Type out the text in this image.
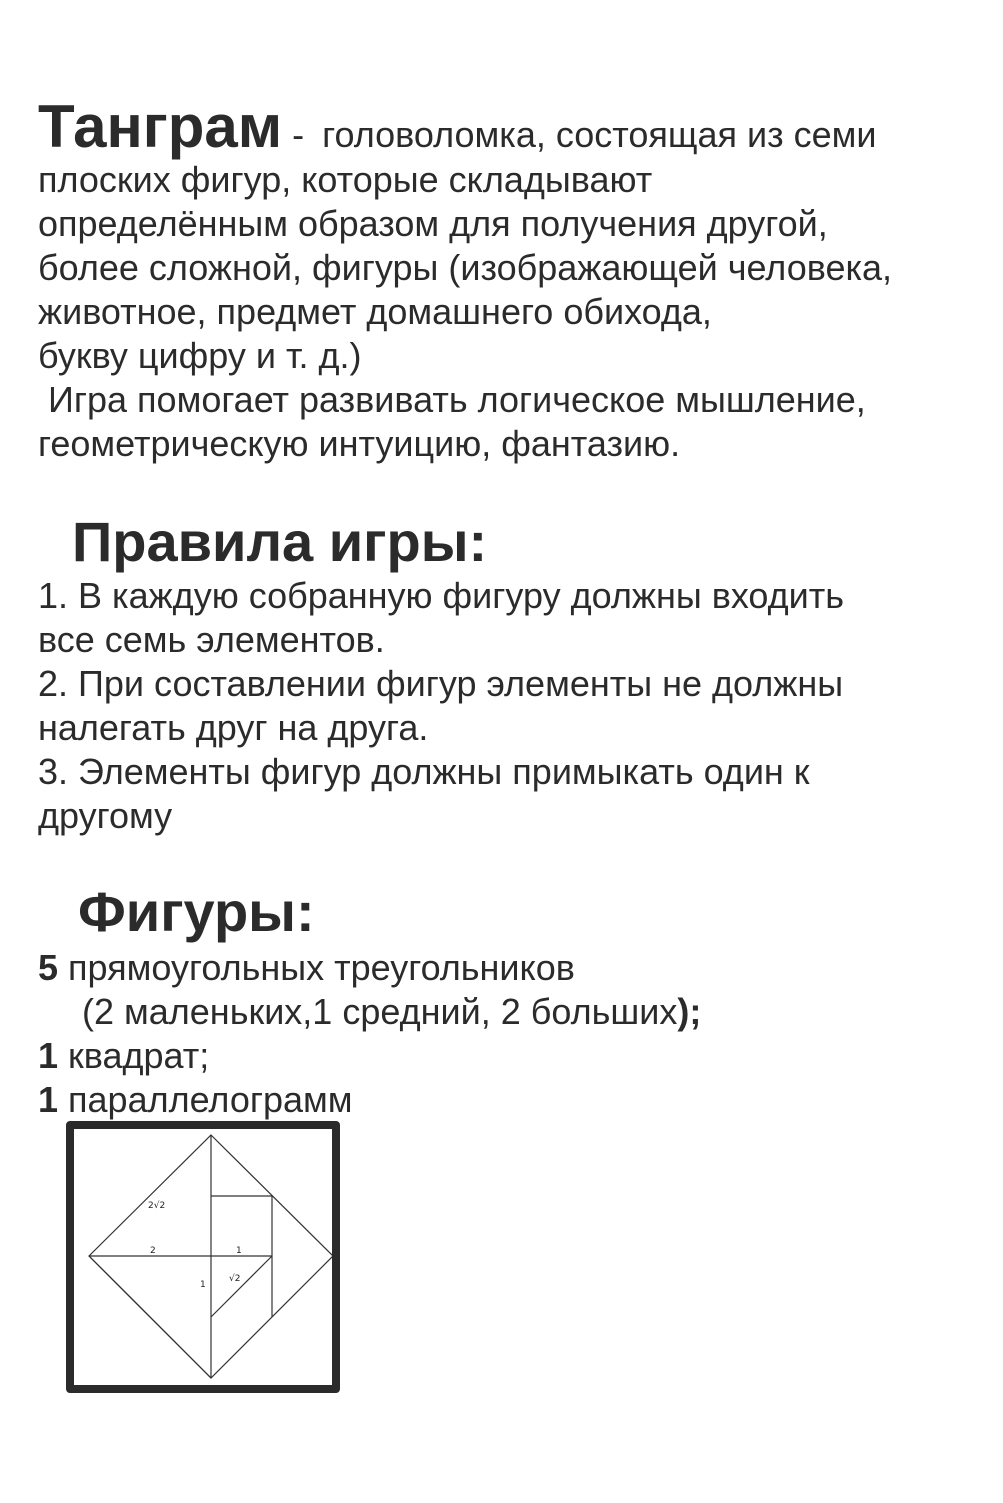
Танграм - головоломка, состоящая из семи
плоских фигур, которые складывают
определённым образом для получения другой,
более сложной, фигуры (изображающей человека,
животное, предмет домашнего обихода,
букву цифру и т. д.)
Игра помогает развивать логическое мышление,
геометрическую интуицию, фантазию.
Правила игры:
1. В каждую собранную фигуру должны входить
все семь элементов.
2. При составлении фигур элементы не должны
налегать друг на друга.
3. Элементы фигур должны примыкать один к
другому
Фигуры:
5 прямоугольных треугольников
(2 маленьких,1 средний, 2 больших);
1 квадрат;
1 параллелограмм
2√2
2	1
1
√2
